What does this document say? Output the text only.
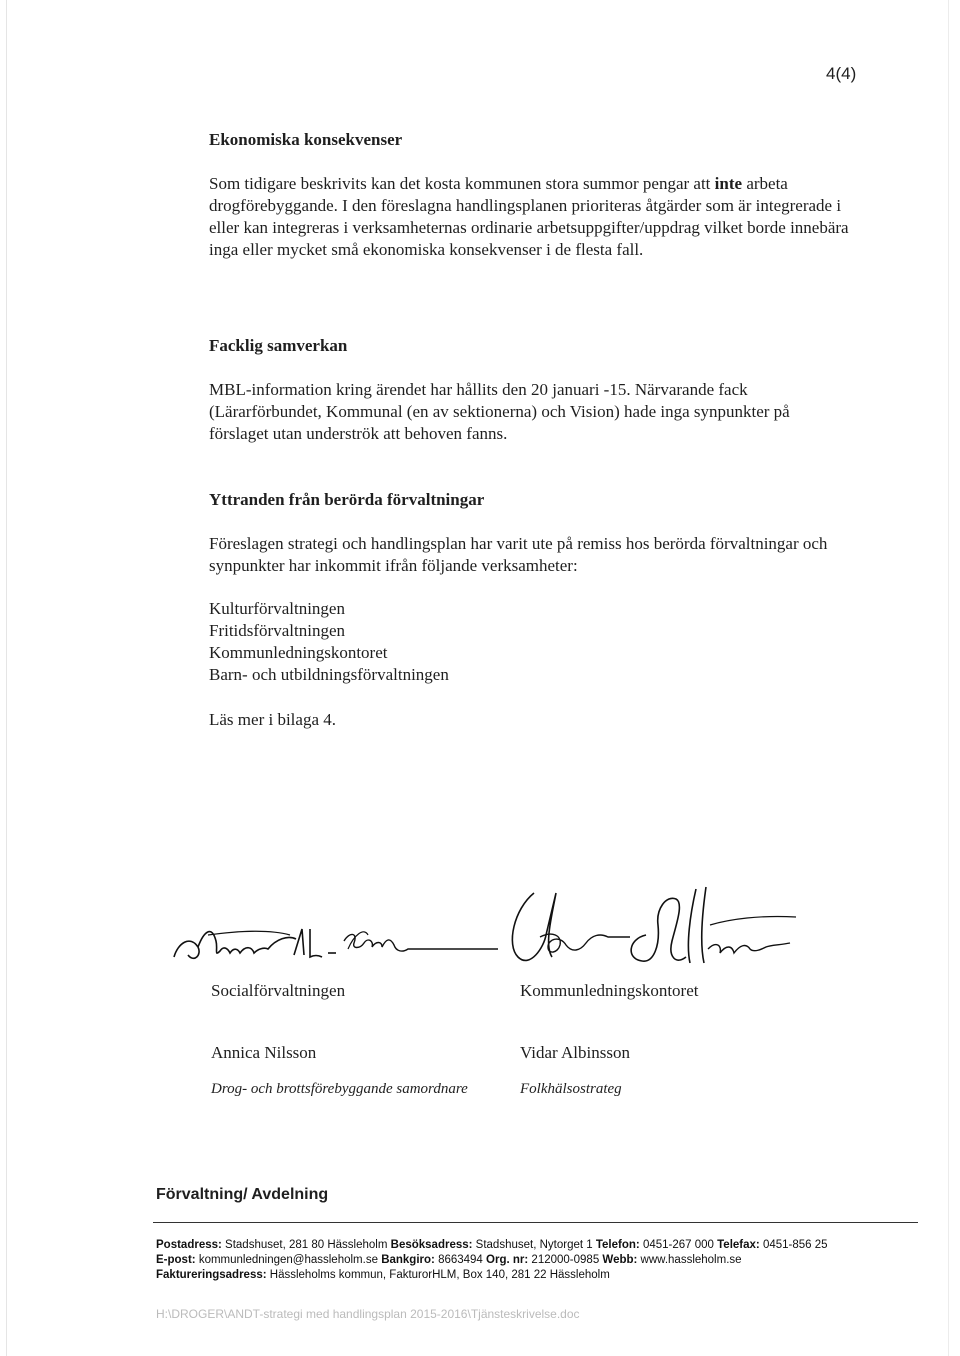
4(4)
Ekonomiska konsekvenser

Som tidigare beskrivits kan det kosta kommunen stora summor pengar att inte arbeta drogförebyggande. I den föreslagna handlingsplanen prioriteras åtgärder som är integrerade i eller kan integreras i verksamheternas ordinarie arbetsuppgifter/uppdrag vilket borde innebära inga eller mycket små ekonomiska konsekvenser i de flesta fall.

Facklig samverkan

MBL-information kring ärendet har hållits den 20 januari -15. Närvarande fack (Lärarförbundet, Kommunal (en av sektionerna) och Vision) hade inga synpunkter på förslaget utan underströk att behoven fanns.

Yttranden från berörda förvaltningar

Föreslagen strategi och handlingsplan har varit ute på remiss hos berörda förvaltningar och synpunkter har inkommit ifrån följande verksamheter:

Kulturförvaltningen
Fritidsförvaltningen
Kommunledningskontoret
Barn- och utbildningsförvaltningen

Läs mer i bilaga 4.

Socialförvaltningen
Annica Nilsson
Drog- och brottsförebyggande samordnare
Kommunledningskontoret
Vidar Albinsson
Folkhälsostrateg
Förvaltning/ Avdelning
Postadress: Stadshuset, 281 80 Hässleholm Besöksadress: Stadshuset, Nytorget 1 Telefon: 0451-267 000 Telefax: 0451-856 25
E-post: kommunledningen@hassleholm.se Bankgiro: 8663494 Org. nr: 212000-0985 Webb: www.hassleholm.se
Faktureringsadress: Hässleholms kommun, FakturorHLM, Box 140, 281 22 Hässleholm
H:\DROGER\ANDT-strategi med handlingsplan 2015-2016\Tjänsteskrivelse.doc
